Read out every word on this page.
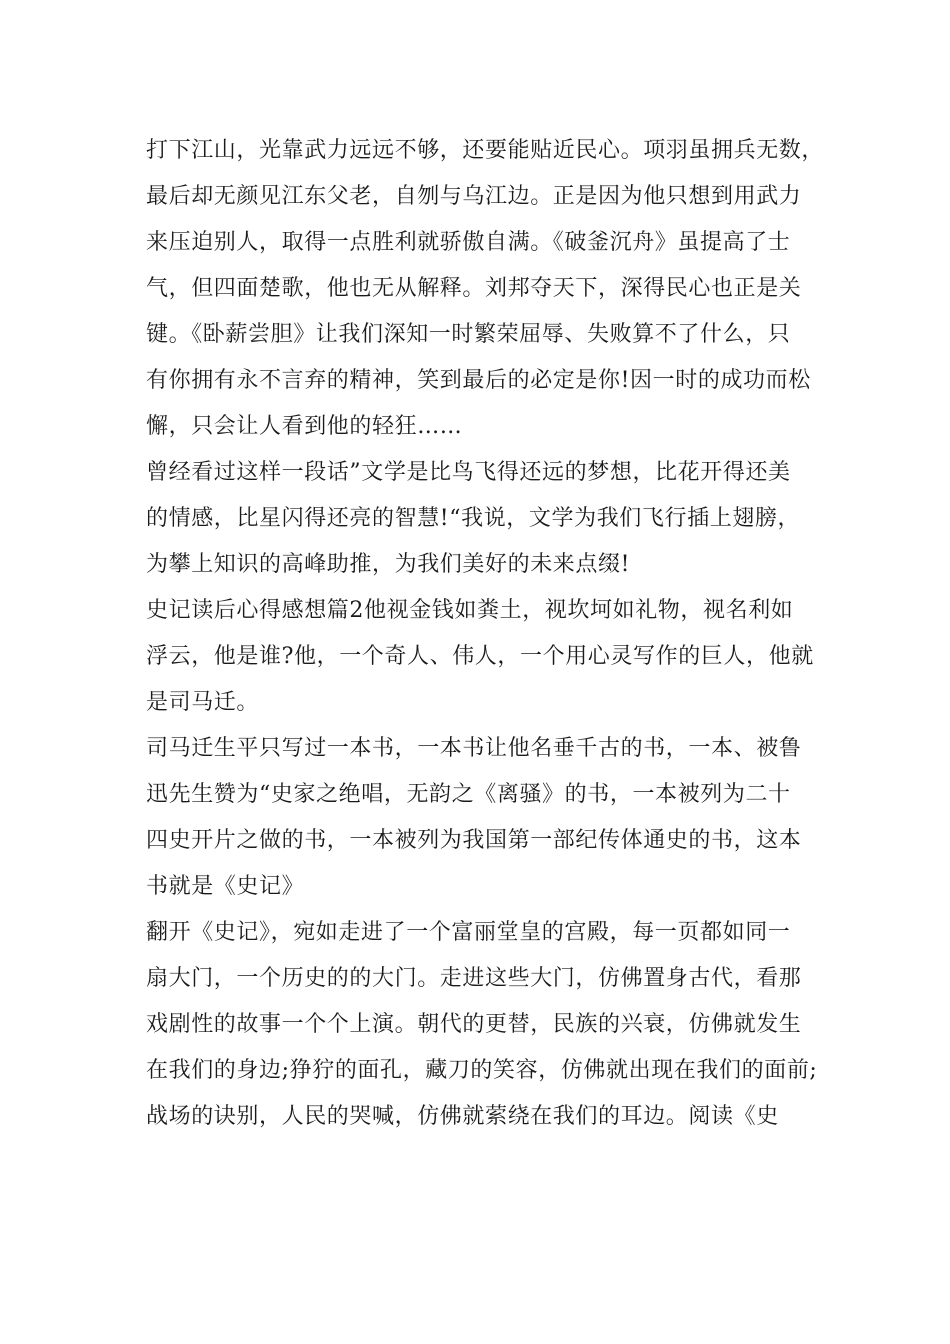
打下江山，光靠武力远远不够，还要能贴近民心。项羽虽拥兵无数，
最后却无颜见江东父老，自刎与乌江边。正是因为他只想到用武力
来压迫别人，取得一点胜利就骄傲自满。《破釜沉舟》虽提高了士
气，但四面楚歌，他也无从解释。刘邦夺天下，深得民心也正是关
键。《卧薪尝胆》让我们深知一时繁荣屈辱、失败算不了什么，只
有你拥有永不言弃的精神，笑到最后的必定是你!因一时的成功而松
懈，只会让人看到他的轻狂……
曾经看过这样一段话”文学是比鸟飞得还远的梦想，比花开得还美
的情感，比星闪得还亮的智慧!“我说，文学为我们飞行插上翅膀，
为攀上知识的高峰助推，为我们美好的未来点缀!
史记读后心得感想篇2他视金钱如粪土，视坎坷如礼物，视名利如
浮云，他是谁?他，一个奇人、伟人，一个用心灵写作的巨人，他就
是司马迁。
司马迁生平只写过一本书，一本书让他名垂千古的书，一本、被鲁
迅先生赞为“史家之绝唱，无韵之《离骚》的书，一本被列为二十
四史开片之做的书，一本被列为我国第一部纪传体通史的书，这本
书就是《史记》
翻开《史记》，宛如走进了一个富丽堂皇的宫殿，每一页都如同一
扇大门，一个历史的的大门。走进这些大门，仿佛置身古代，看那
戏剧性的故事一个个上演。朝代的更替，民族的兴衰，仿佛就发生
在我们的身边;狰狞的面孔，藏刀的笑容，仿佛就出现在我们的面前;
战场的诀别，人民的哭喊，仿佛就萦绕在我们的耳边。阅读《史
